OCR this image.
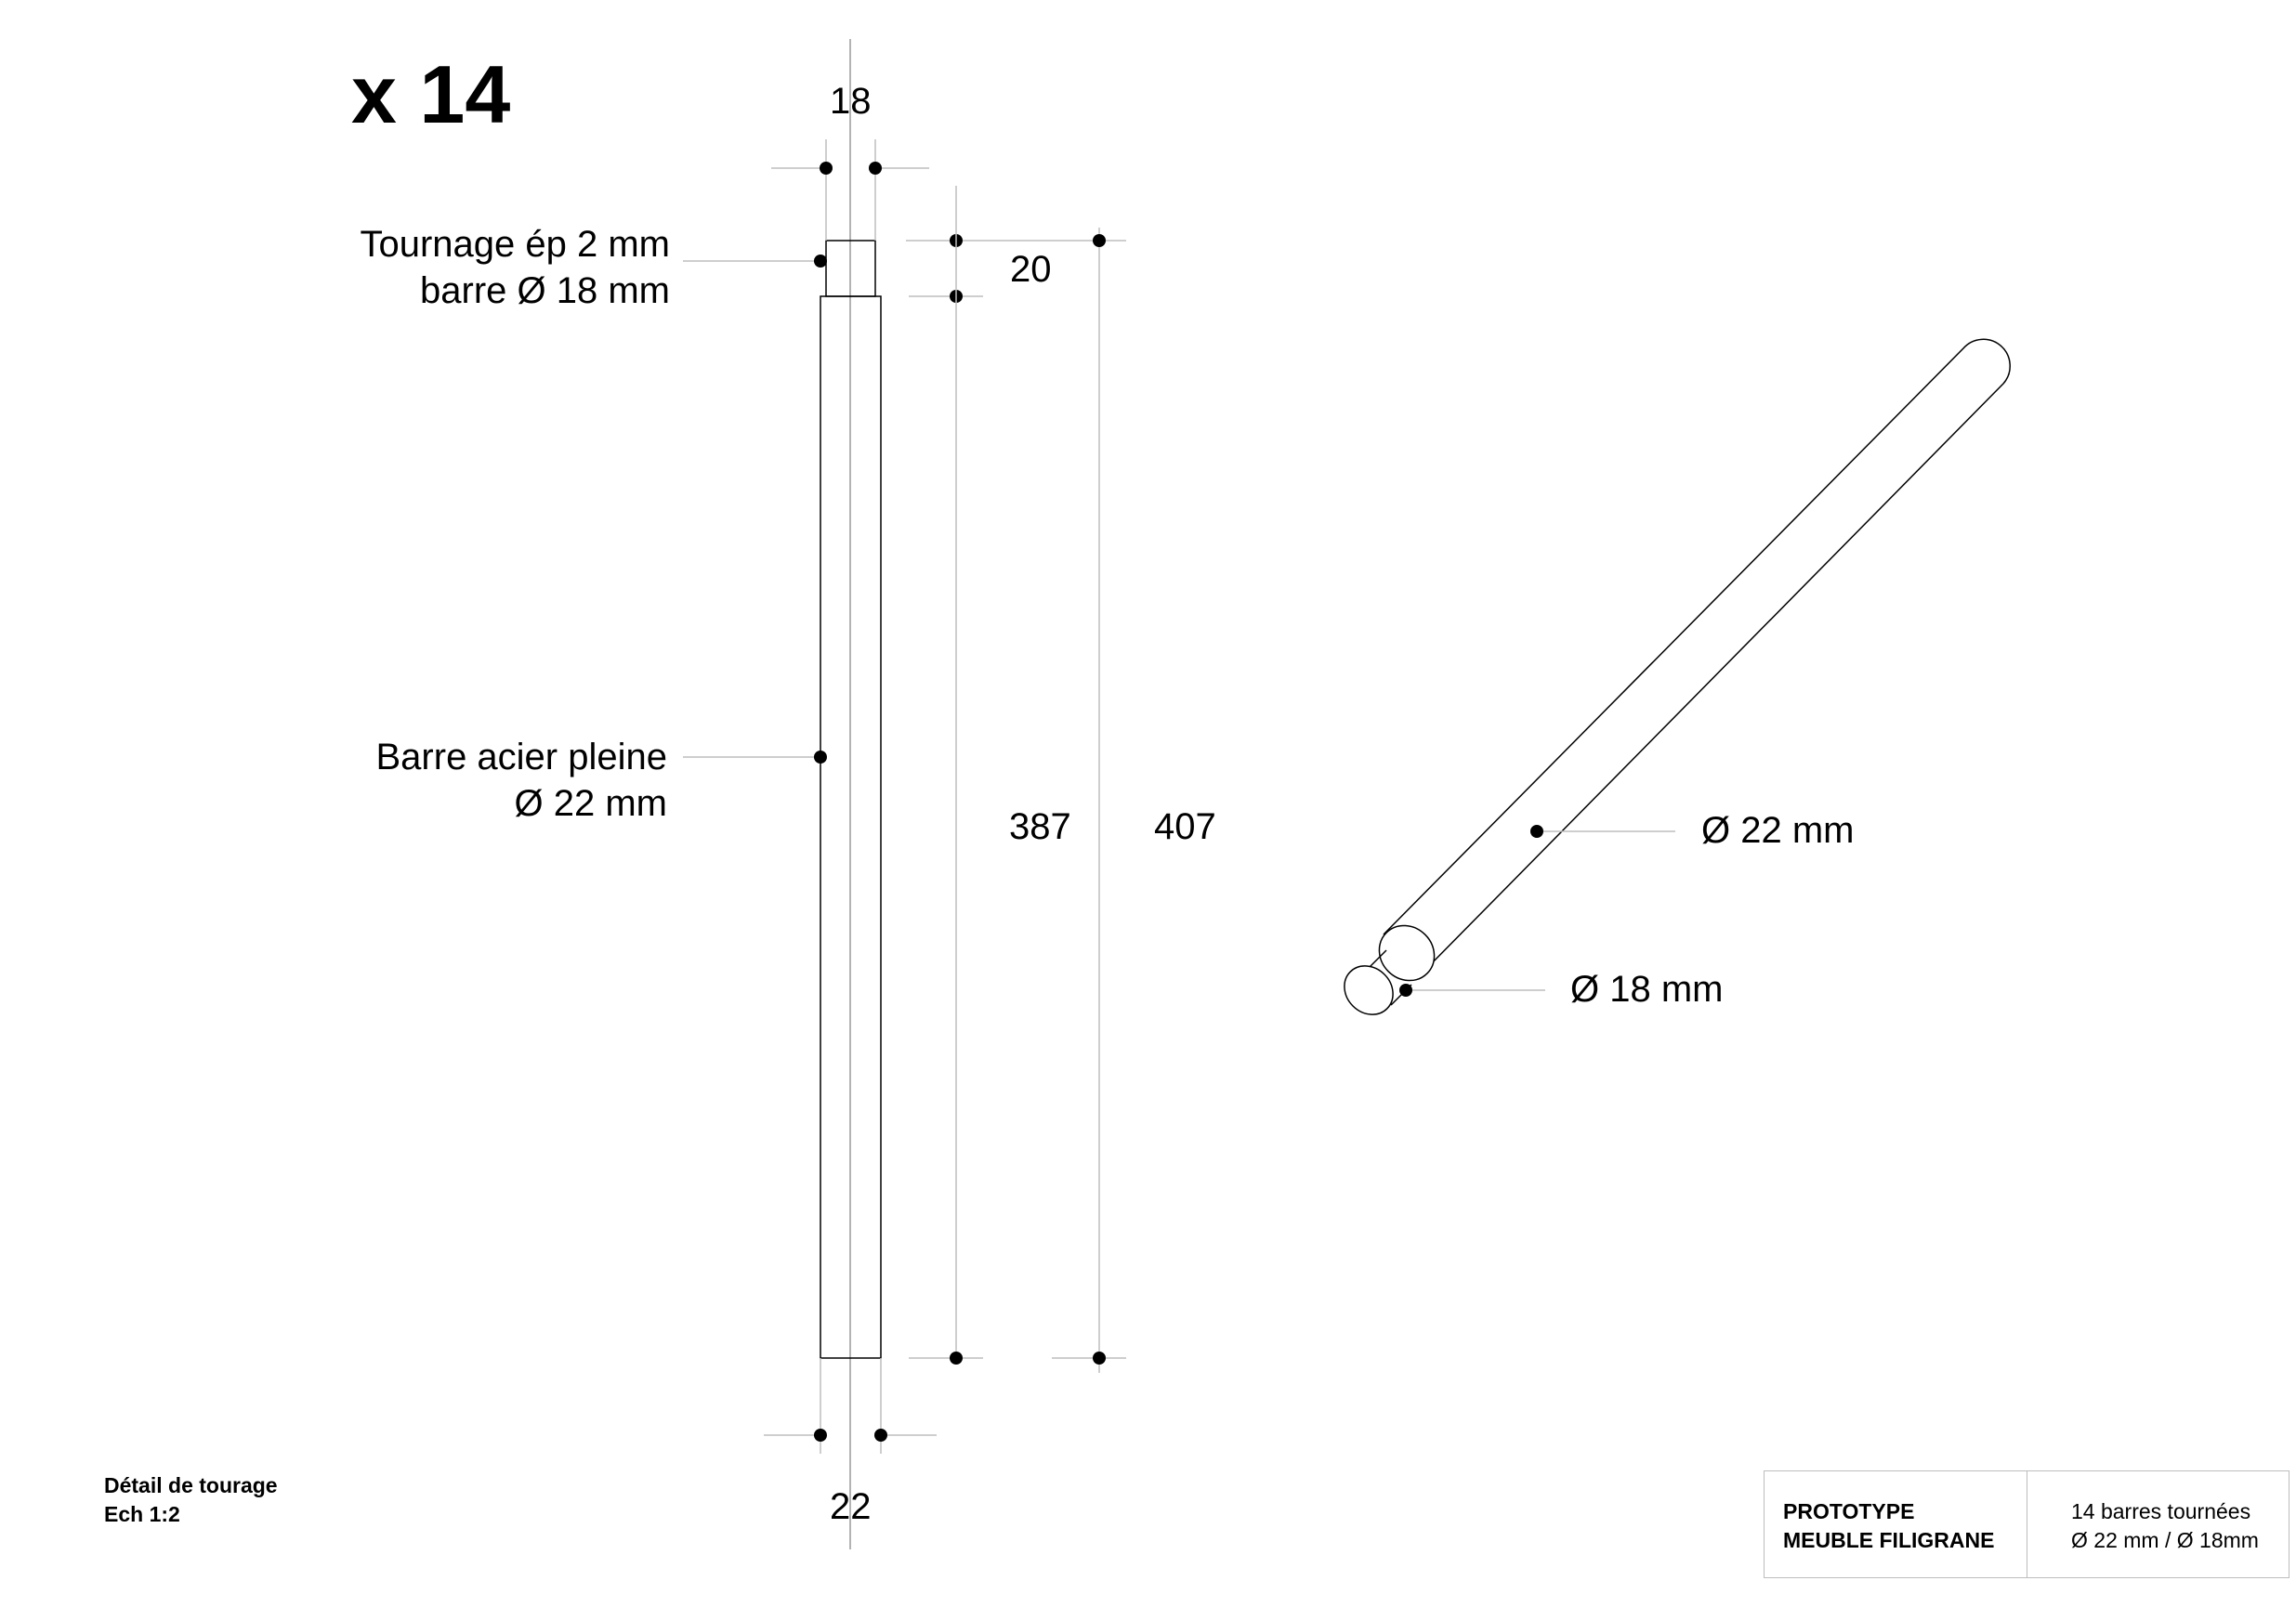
x 14
Tournage ép 2 mm
barre Ø 18 mm
Barre acier pleine
Ø 22 mm
18
20
387 407
22
Ø 22 mm
Ø 18 mm
Détail de tourage
Ech 1:2	PROTOTYPE
MEUBLE FILIGRANE
14 barres tournées
Ø 22 mm / Ø 18mm
